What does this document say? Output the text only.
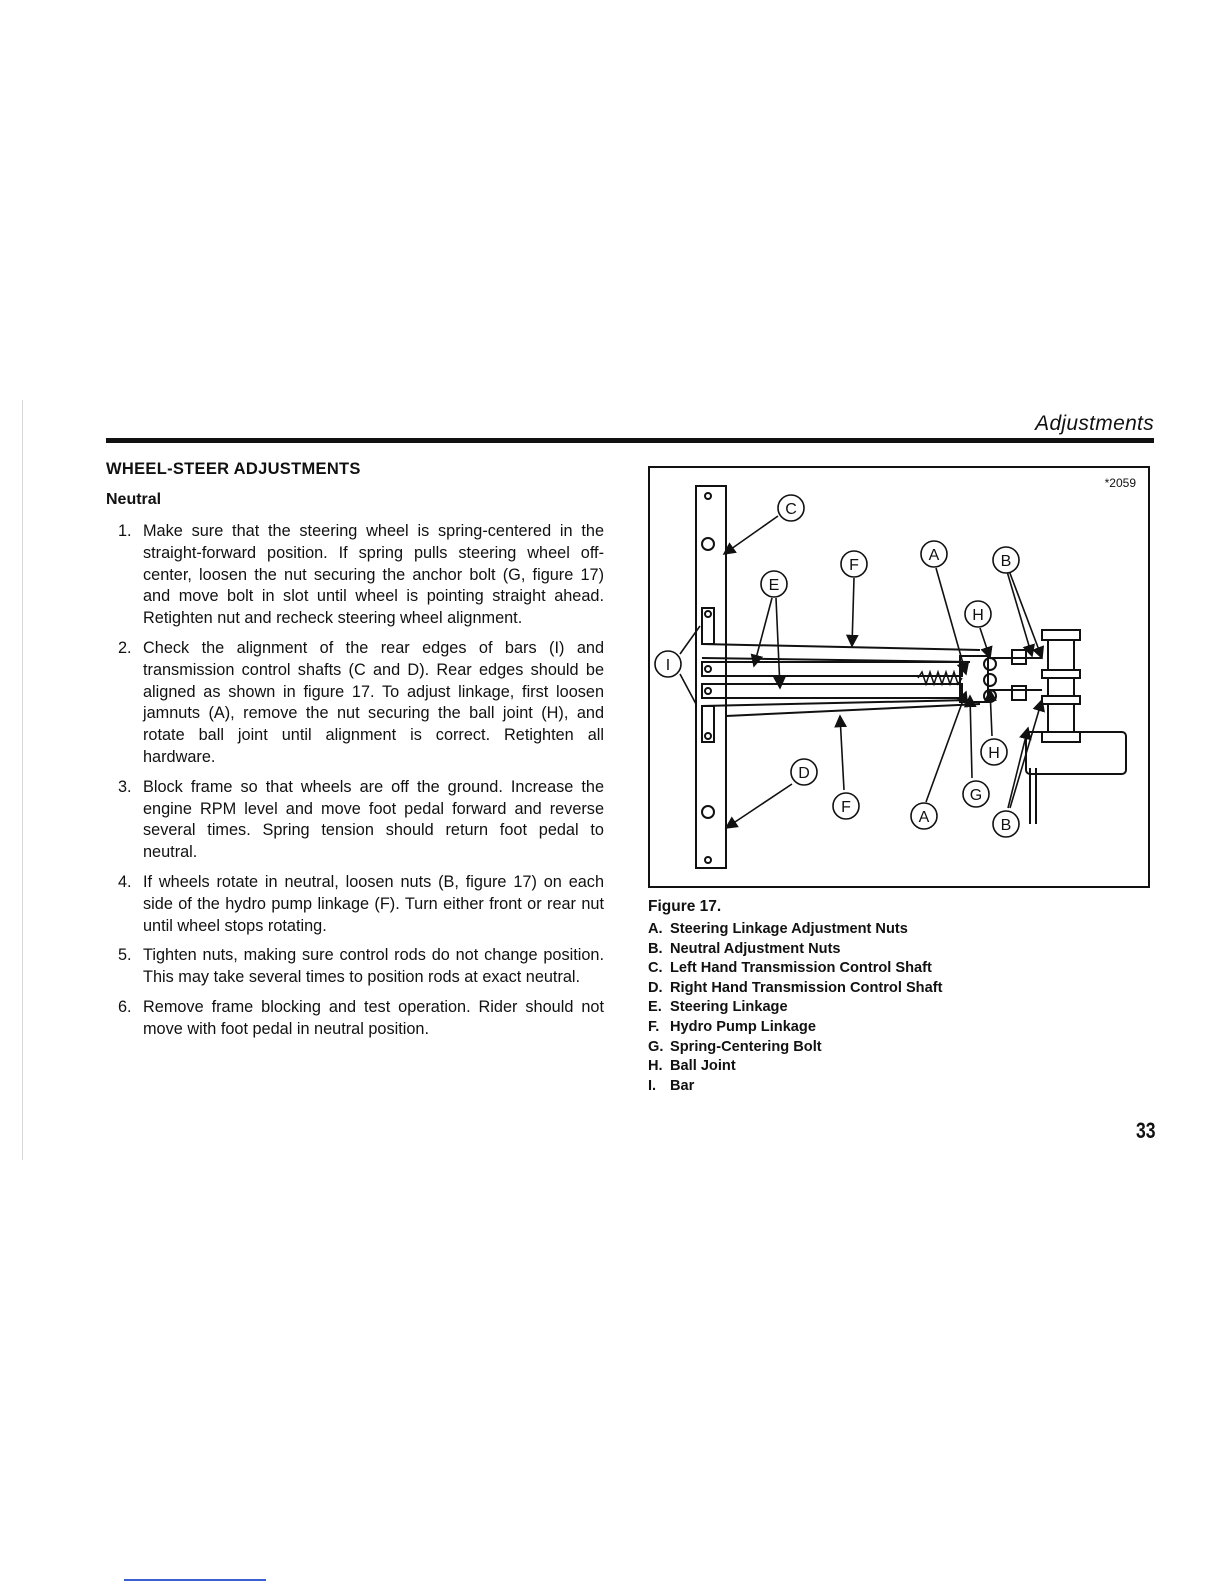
Adjustments
WHEEL-STEER ADJUSTMENTS
Neutral
1. Make sure that the steering wheel is spring-centered in the straight-forward position. If spring pulls steering wheel off-center, loosen the nut securing the anchor bolt (G, figure 17) and move bolt in slot until wheel is pointing straight ahead. Retighten nut and recheck steering wheel alignment.
2. Check the alignment of the rear edges of bars (I) and transmission control shafts (C and D). Rear edges should be aligned as shown in figure 17. To adjust linkage, first loosen jamnuts (A), remove the nut securing the ball joint (H), and rotate ball joint until alignment is correct. Retighten all hardware.
3. Block frame so that wheels are off the ground. Increase the engine RPM level and move foot pedal forward and reverse several times. Spring tension should return foot pedal to neutral.
4. If wheels rotate in neutral, loosen nuts (B, figure 17) on each side of the hydro pump linkage (F). Turn either front or rear nut until wheel stops rotating.
5. Tighten nuts, making sure control rods do not change position. This may take several times to position rods at exact neutral.
6. Remove frame blocking and test operation. Rider should not move with foot pedal in neutral position.
*2059
C
E
F
A	B
H
I
D
F
A
G
H
B
Figure 17.
A. Steering Linkage Adjustment Nuts
B. Neutral Adjustment Nuts
C. Left Hand Transmission Control Shaft
D. Right Hand Transmission Control Shaft
E. Steering Linkage
F. Hydro Pump Linkage
G. Spring-Centering Bolt
H. Ball Joint
I. Bar
33
